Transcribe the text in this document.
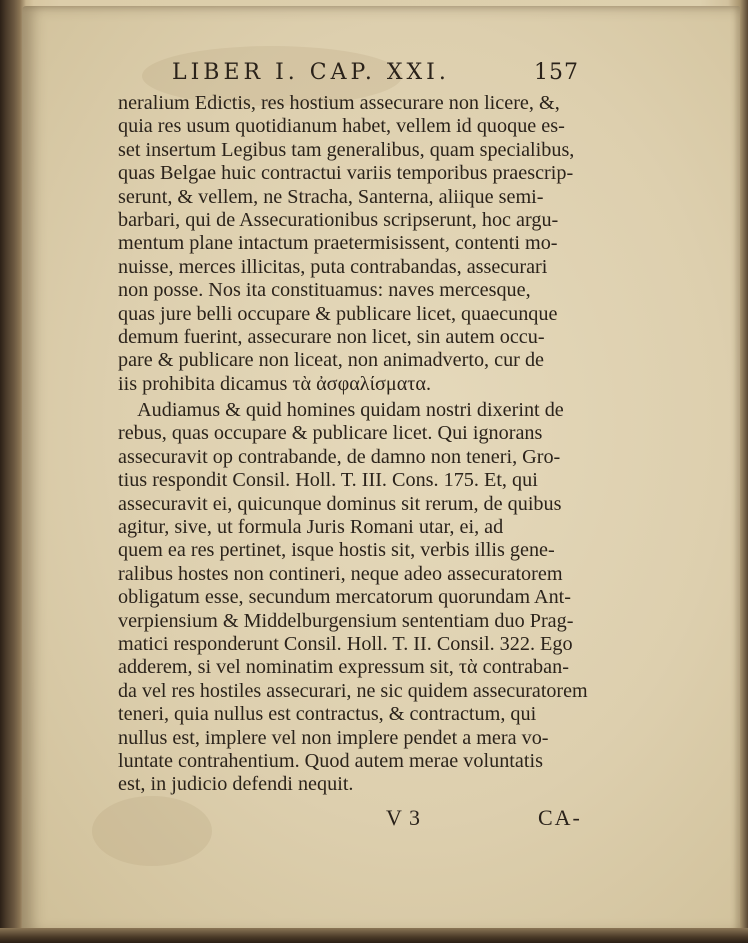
LIBER I. CAP. XXI.	157
neralium Edictis, res hostium assecurare non licere, &,
quia res usum quotidianum habet, vellem id quoque es-
set insertum Legibus tam generalibus, quam specialibus,
quas Belgae huic contractui variis temporibus praescrip-
serunt, & vellem, ne Stracha, Santerna, aliique semi-
barbari, qui de Assecurationibus scripserunt, hoc argu-
mentum plane intactum praetermisissent, contenti mo-
nuisse, merces illicitas, puta contrabandas, assecurari
non posse. Nos ita constituamus: naves mercesque,
quas jure belli occupare & publicare licet, quaecunque
demum fuerint, assecurare non licet, sin autem occu-
pare & publicare non liceat, non animadverto, cur de
iis prohibita dicamus τὰ ἀσφαλίσματα.
Audiamus & quid homines quidam nostri dixerint de
rebus, quas occupare & publicare licet. Qui ignorans
assecuravit op contrabande, de damno non teneri, Gro-
tius respondit Consil. Holl. T. III. Cons. 175. Et, qui
assecuravit ei, quicunque dominus sit rerum, de quibus
agitur, sive, ut formula Juris Romani utar, ei, ad
quem ea res pertinet, isque hostis sit, verbis illis gene-
ralibus hostes non contineri, neque adeo assecuratorem
obligatum esse, secundum mercatorum quorundam Ant-
verpiensium & Middelburgensium sententiam duo Prag-
matici responderunt Consil. Holl. T. II. Consil. 322. Ego
adderem, si vel nominatim expressum sit, τὰ contraban-
da vel res hostiles assecurari, ne sic quidem assecuratorem
teneri, quia nullus est contractus, & contractum, qui
nullus est, implere vel non implere pendet a mera vo-
luntate contrahentium. Quod autem merae voluntatis
est, in judicio defendi nequit.
V 3	CA-
